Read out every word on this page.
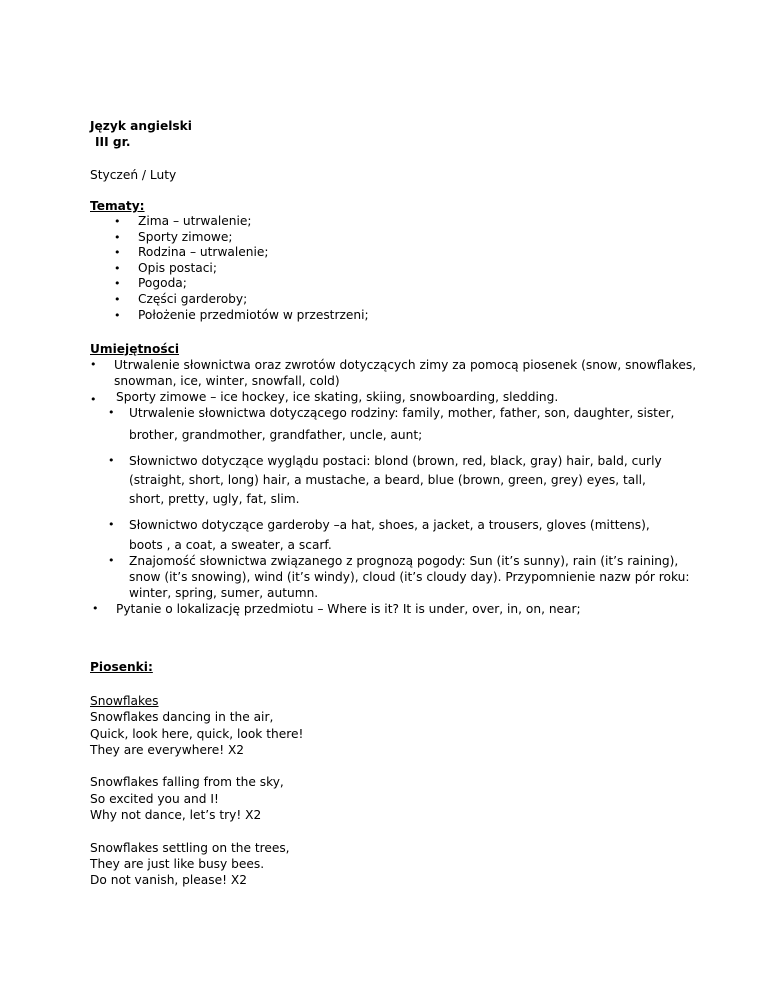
Język angielski
III gr.
Styczeń / Luty
Tematy:
• Zima – utrwalenie;
• Sporty zimowe;
• Rodzina – utrwalenie;
• Opis postaci;
• Pogoda;
• Części garderoby;
• Położenie przedmiotów w przestrzeni;
Umiejętności
• Utrwalenie słownictwa oraz zwrotów dotyczących zimy za pomocą piosenek (snow, snowflakes,
snowman, ice, winter, snowfall, cold)
• Sporty zimowe – ice hockey, ice skating, skiing, snowboarding, sledding.
• Utrwalenie słownictwa dotyczącego rodziny: family, mother, father, son, daughter, sister,
brother, grandmother, grandfather, uncle, aunt;
• Słownictwo dotyczące wyglądu postaci: blond (brown, red, black, gray) hair, bald, curly
(straight, short, long) hair, a mustache, a beard, blue (brown, green, grey) eyes, tall,
short, pretty, ugly, fat, slim.
• Słownictwo dotyczące garderoby –a hat, shoes, a jacket, a trousers, gloves (mittens),
boots , a coat, a sweater, a scarf.
• Znajomość słownictwa związanego z prognozą pogody: Sun (it’s sunny), rain (it’s raining),
snow (it’s snowing), wind (it’s windy), cloud (it’s cloudy day). Przypomnienie nazw pór roku:
winter, spring, sumer, autumn.
• Pytanie o lokalizację przedmiotu – Where is it? It is under, over, in, on, near;
Piosenki:
Snowflakes
Snowflakes dancing in the air,
Quick, look here, quick, look there!
They are everywhere! X2
Snowflakes falling from the sky,
So excited you and I!
Why not dance, let’s try! X2
Snowflakes settling on the trees,
They are just like busy bees.
Do not vanish, please! X2
